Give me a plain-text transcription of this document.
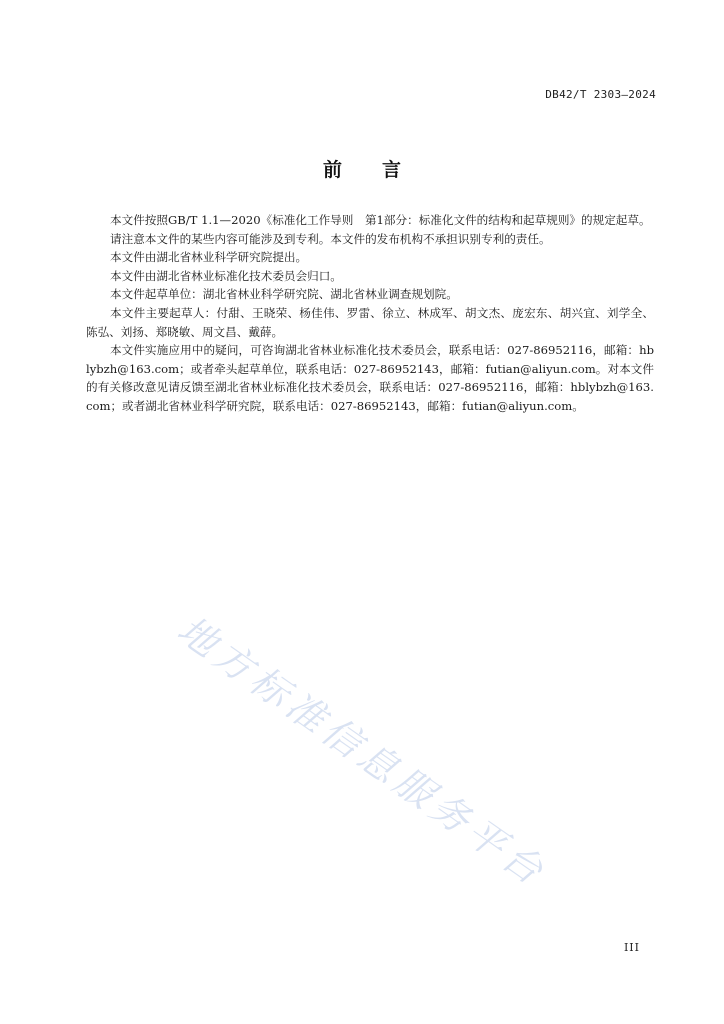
DB42/T 2303—2024
前言

本文件按照GB/T 1.1—2020《标准化工作导则　第1部分：标准化文件的结构和起草规则》的规定起草。

请注意本文件的某些内容可能涉及到专利。本文件的发布机构不承担识别专利的责任。

本文件由湖北省林业科学研究院提出。

本文件由湖北省林业标准化技术委员会归口。

本文件起草单位：湖北省林业科学研究院、湖北省林业调查规划院。

本文件主要起草人：付甜、王晓荣、杨佳伟、罗雷、徐立、林成军、胡文杰、庞宏东、胡兴宜、刘学全、陈弘、刘扬、郑晓敏、周文昌、戴薛。

本文件实施应用中的疑问，可咨询湖北省林业标准化技术委员会，联系电话：027-86952116，邮箱：hblybzh@163.com；或者牵头起草单位，联系电话：027-86952143，邮箱：futian@aliyun.com。对本文件的有关修改意见请反馈至湖北省林业标准化技术委员会，联系电话：027-86952116，邮箱：hblybzh@163.com；或者湖北省林业科学研究院，联系电话：027-86952143，邮箱：futian@aliyun.com。

地方标准信息服务平台
III
